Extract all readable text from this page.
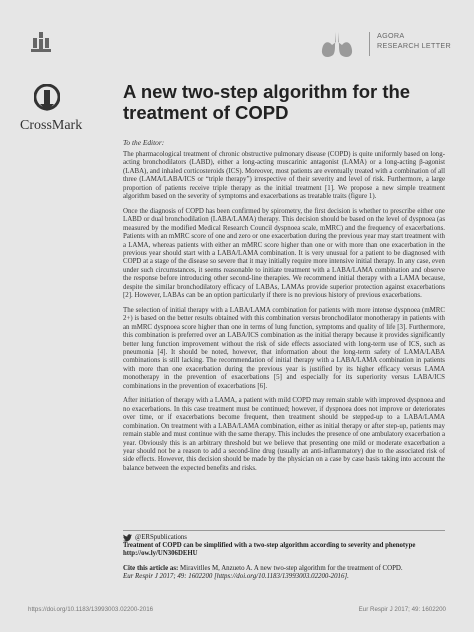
AGORA
RESEARCH LETTER
CrossMark
A new two-step algorithm for the
treatment of COPD
To the Editor:

The pharmacological treatment of chronic obstructive pulmonary disease (COPD) is quite uniformly based on long-acting bronchodilators (LABD), either a long-acting muscarinic antagonist (LAMA) or a long-acting β-agonist (LABA), and inhaled corticosteroids (ICS). Moreover, most patients are eventually treated with a combination of all three (LAMA/LABA/ICS or “triple therapy”) irrespective of their severity and level of risk. Furthermore, a large proportion of patients receive triple therapy as the initial treatment [1]. We propose a new simple treatment algorithm based on the severity of symptoms and exacerbations as treatable traits (figure 1).

Once the diagnosis of COPD has been confirmed by spirometry, the first decision is whether to prescribe either one LABD or dual bronchodilation (LABA/LAMA) therapy. This decision should be based on the level of dyspnoea (as measured by the modified Medical Research Council dyspnoea scale, mMRC) and the frequency of exacerbations. Patients with an mMRC score of one and zero or one exacerbation during the previous year may start treatment with a LAMA, whereas patients with either an mMRC score higher than one or with more than one exacerbation in the previous year should start with a LABA/LAMA combination. It is very unusual for a patient to be diagnosed with COPD at a stage of the disease so severe that it may initially require more intensive initial therapy. In any case, even under such circumstances, it seems reasonable to initiate treatment with a LABA/LAMA combination and observe the response before introducing other second-line therapies. We recommend initial therapy with a LAMA because, despite the similar bronchodilatory efficacy of LABAs, LAMAs provide superior protection against exacerbations [2]. However, LABAs can be an option particularly if there is no previous history of previous exacerbations.

The selection of initial therapy with a LABA/LAMA combination for patients with more intense dyspnoea (mMRC 2+) is based on the better results obtained with this combination versus bronchodilator monotherapy in patients with an mMRC dyspnoea score higher than one in terms of lung function, symptoms and quality of life [3]. Furthermore, this combination is preferred over an LABA/ICS combination as the initial therapy because it provides significantly better lung function improvement without the risk of side effects associated with long-term use of ICS, such as pneumonia [4]. It should be noted, however, that information about the long-term safety of LAMA/LABA combinations is still lacking. The recommendation of initial therapy with a LABA/LAMA combination in patients with more than one exacerbation during the previous year is justified by its higher efficacy versus LAMA monotherapy in the prevention of exacerbations [5] and especially for its superiority versus LABA/ICS combinations in the prevention of exacerbations [6].

After initiation of therapy with a LAMA, a patient with mild COPD may remain stable with improved dyspnoea and no exacerbations. In this case treatment must be continued; however, if dyspnoea does not improve or deteriorates over time, or if exacerbations become frequent, then treatment should be stepped-up to a LABA/LAMA combination. On treatment with a LABA/LAMA combination, either as initial therapy or after step-up, patients may remain stable and must continue with the same therapy. This includes the presence of one ambulatory exacerbation a year. Obviously this is an arbitrary threshold but we believe that presenting one mild or moderate exacerbation a year should not be a reason to add a second-line drug (usually an anti-inflammatory) due to the associated risk of side effects. However, this decision should be made by the physician on a case by case basis taking into account the balance between the expected benefits and risks.

@ERSpublications
Treatment of COPD can be simplified with a two-step algorithm according to severity and phenotype
http://ow.ly/UN306DEHU
Cite this article as: Miravitlles M, Anzueto A. A new two-step algorithm for the treatment of COPD.
Eur Respir J 2017; 49: 1602200 [https://doi.org/10.1183/13993003.02200-2016].
https://doi.org/10.1183/13993003.02200-2016	Eur Respir J 2017; 49: 1602200
